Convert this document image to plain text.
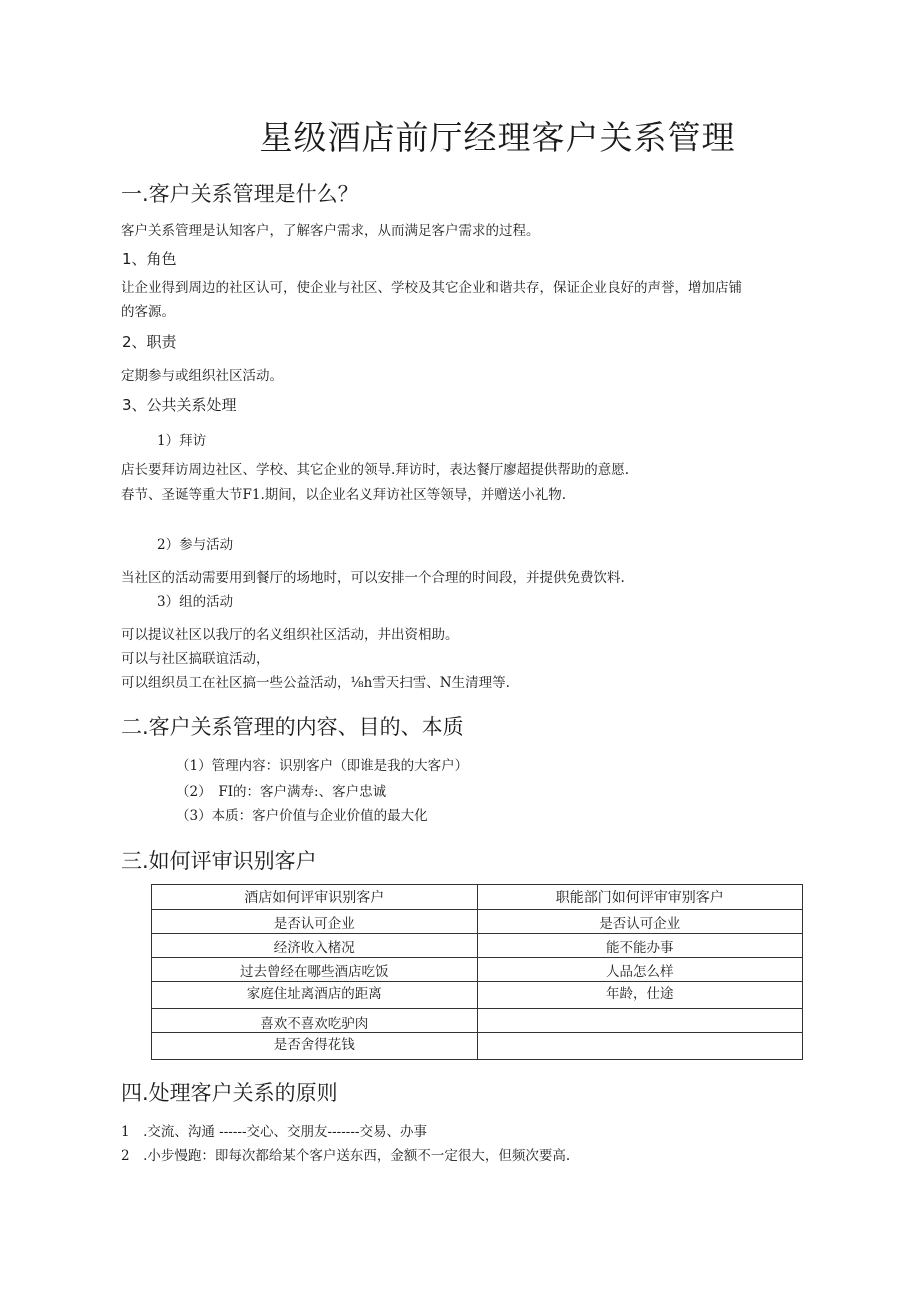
星级酒店前厅经理客户关系管理
一.客户关系管理是什么？
客户关系管理是认知客户，了解客户需求，从而满足客户需求的过程。
1、角色
让企业得到周边的社区认可，使企业与社区、学校及其它企业和谐共存，保证企业良好的声誉，增加店铺
的客源。
2、职责
定期参与或组织社区活动。
3、公共关系处理
1）拜访
店长要拜访周边社区、学校、其它企业的领导.拜访时，表达餐厅廖超提供帮助的意愿.
春节、圣诞等重大节F1.期间，以企业名义拜访社区等领导，并赠送小礼物.
2）参与活动
当社区的活动需要用到餐厅的场地时，可以安排一个合理的时间段，并提供免费饮料.
3）组的活动
可以提议社区以我厅的名义组织社区活动，井出资相助。
可以与社区搞联谊活动，
可以组织员工在社区搞一些公益活动，⅛h雪天扫雪、N生清理等.
二.客户关系管理的内容、目的、本质
（1）管理内容：识别客户（即谁是我的大客户）
（2）　FI的：客户满寿:、客户忠诚
（3）本质：客户价值与企业价值的最大化
三.如何评审识别客户
酒店如何评审识别客户	职能部门如何评审审别客户
是否认可企业	是否认可企业
经济收入楮况	能不能办事
过去曾经在哪些酒店吃饭	人品怎么样
家庭住址离酒店的距离	年龄，仕途
喜欢不喜欢吃驴肉	
是否舍得花钱	
四.处理客户关系的原则
1　.交流、沟通 ------交心、交朋友-------交易、办事
2　.小步慢跑：即每次都给某个客户送东西，金额不一定很大，但频次要高.
